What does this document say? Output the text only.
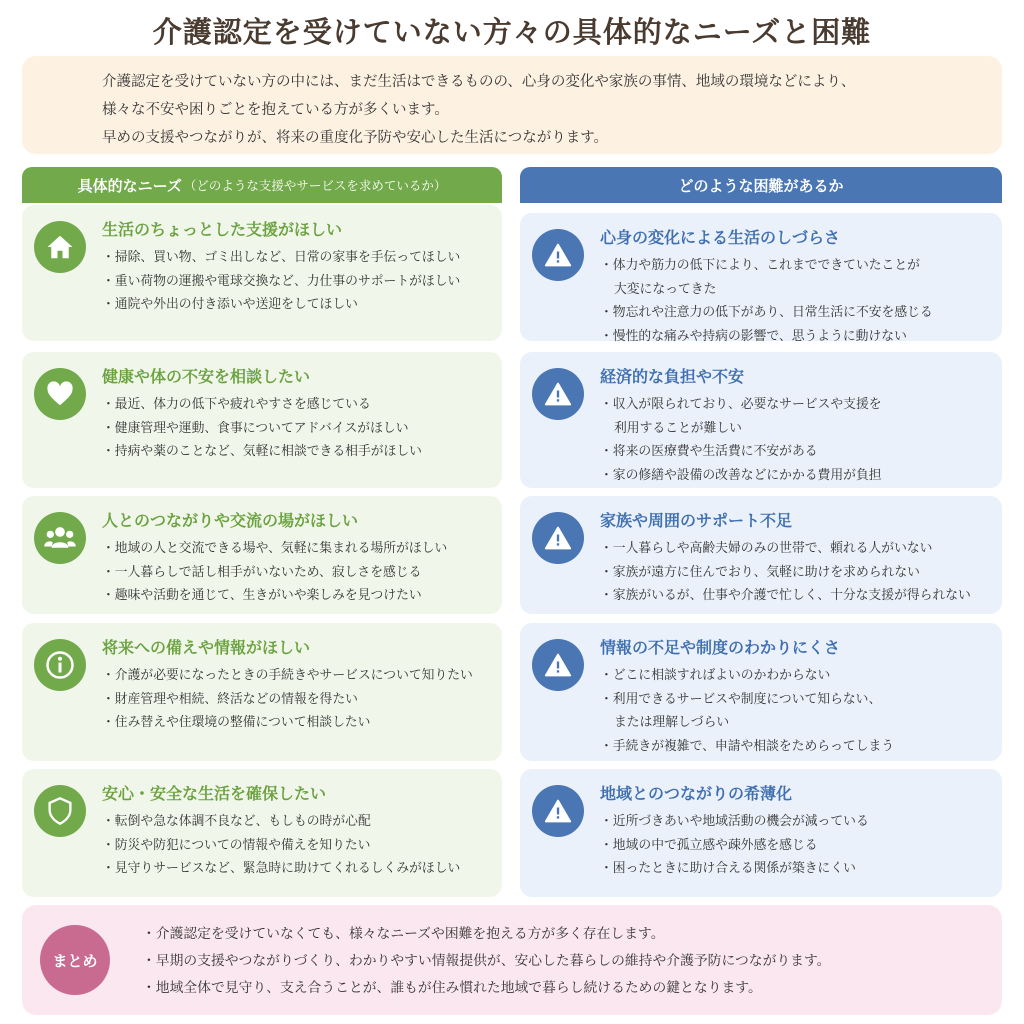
介護認定を受けていない方々の具体的なニーズと困難

介護認定を受けていない方の中には、まだ生活はできるものの、心身の変化や家族の事情、地域の環境などにより、

様々な不安や困りごとを抱えている方が多くいます。

早めの支援やつながりが、将来の重度化予防や安心した生活につながります。

具体的なニーズ （どのような支援やサービスを求めているか）	どのような困難があるか
生活のちょっとした支援がほしい
・掃除、買い物、ゴミ出しなど、日常の家事を手伝ってほしい
・重い荷物の運搬や電球交換など、力仕事のサポートがほしい
・通院や外出の付き添いや送迎をしてほしい
健康や体の不安を相談したい
・最近、体力の低下や疲れやすさを感じている
・健康管理や運動、食事についてアドバイスがほしい
・持病や薬のことなど、気軽に相談できる相手がほしい
人とのつながりや交流の場がほしい
・地域の人と交流できる場や、気軽に集まれる場所がほしい
・一人暮らしで話し相手がいないため、寂しさを感じる
・趣味や活動を通じて、生きがいや楽しみを見つけたい
将来への備えや情報がほしい
・介護が必要になったときの手続きやサービスについて知りたい
・財産管理や相続、終活などの情報を得たい
・住み替えや住環境の整備について相談したい
安心・安全な生活を確保したい
・転倒や急な体調不良など、もしもの時が心配
・防災や防犯についての情報や備えを知りたい
・見守りサービスなど、緊急時に助けてくれるしくみがほしい
心身の変化による生活のしづらさ
・体力や筋力の低下により、これまでできていたことが
大変になってきた
・物忘れや注意力の低下があり、日常生活に不安を感じる
・慢性的な痛みや持病の影響で、思うように動けない
経済的な負担や不安
・収入が限られており、必要なサービスや支援を
利用することが難しい
・将来の医療費や生活費に不安がある
・家の修繕や設備の改善などにかかる費用が負担
家族や周囲のサポート不足
・一人暮らしや高齢夫婦のみの世帯で、頼れる人がいない
・家族が遠方に住んでおり、気軽に助けを求められない
・家族がいるが、仕事や介護で忙しく、十分な支援が得られない
情報の不足や制度のわかりにくさ
・どこに相談すればよいのかわからない
・利用できるサービスや制度について知らない、
または理解しづらい
・手続きが複雑で、申請や相談をためらってしまう
地域とのつながりの希薄化
・近所づきあいや地域活動の機会が減っている
・地域の中で孤立感や疎外感を感じる
・困ったときに助け合える関係が築きにくい
まとめ
・介護認定を受けていなくても、様々なニーズや困難を抱える方が多く存在します。
・早期の支援やつながりづくり、わかりやすい情報提供が、安心した暮らしの維持や介護予防につながります。
・地域全体で見守り、支え合うことが、誰もが住み慣れた地域で暮らし続けるための鍵となります。
